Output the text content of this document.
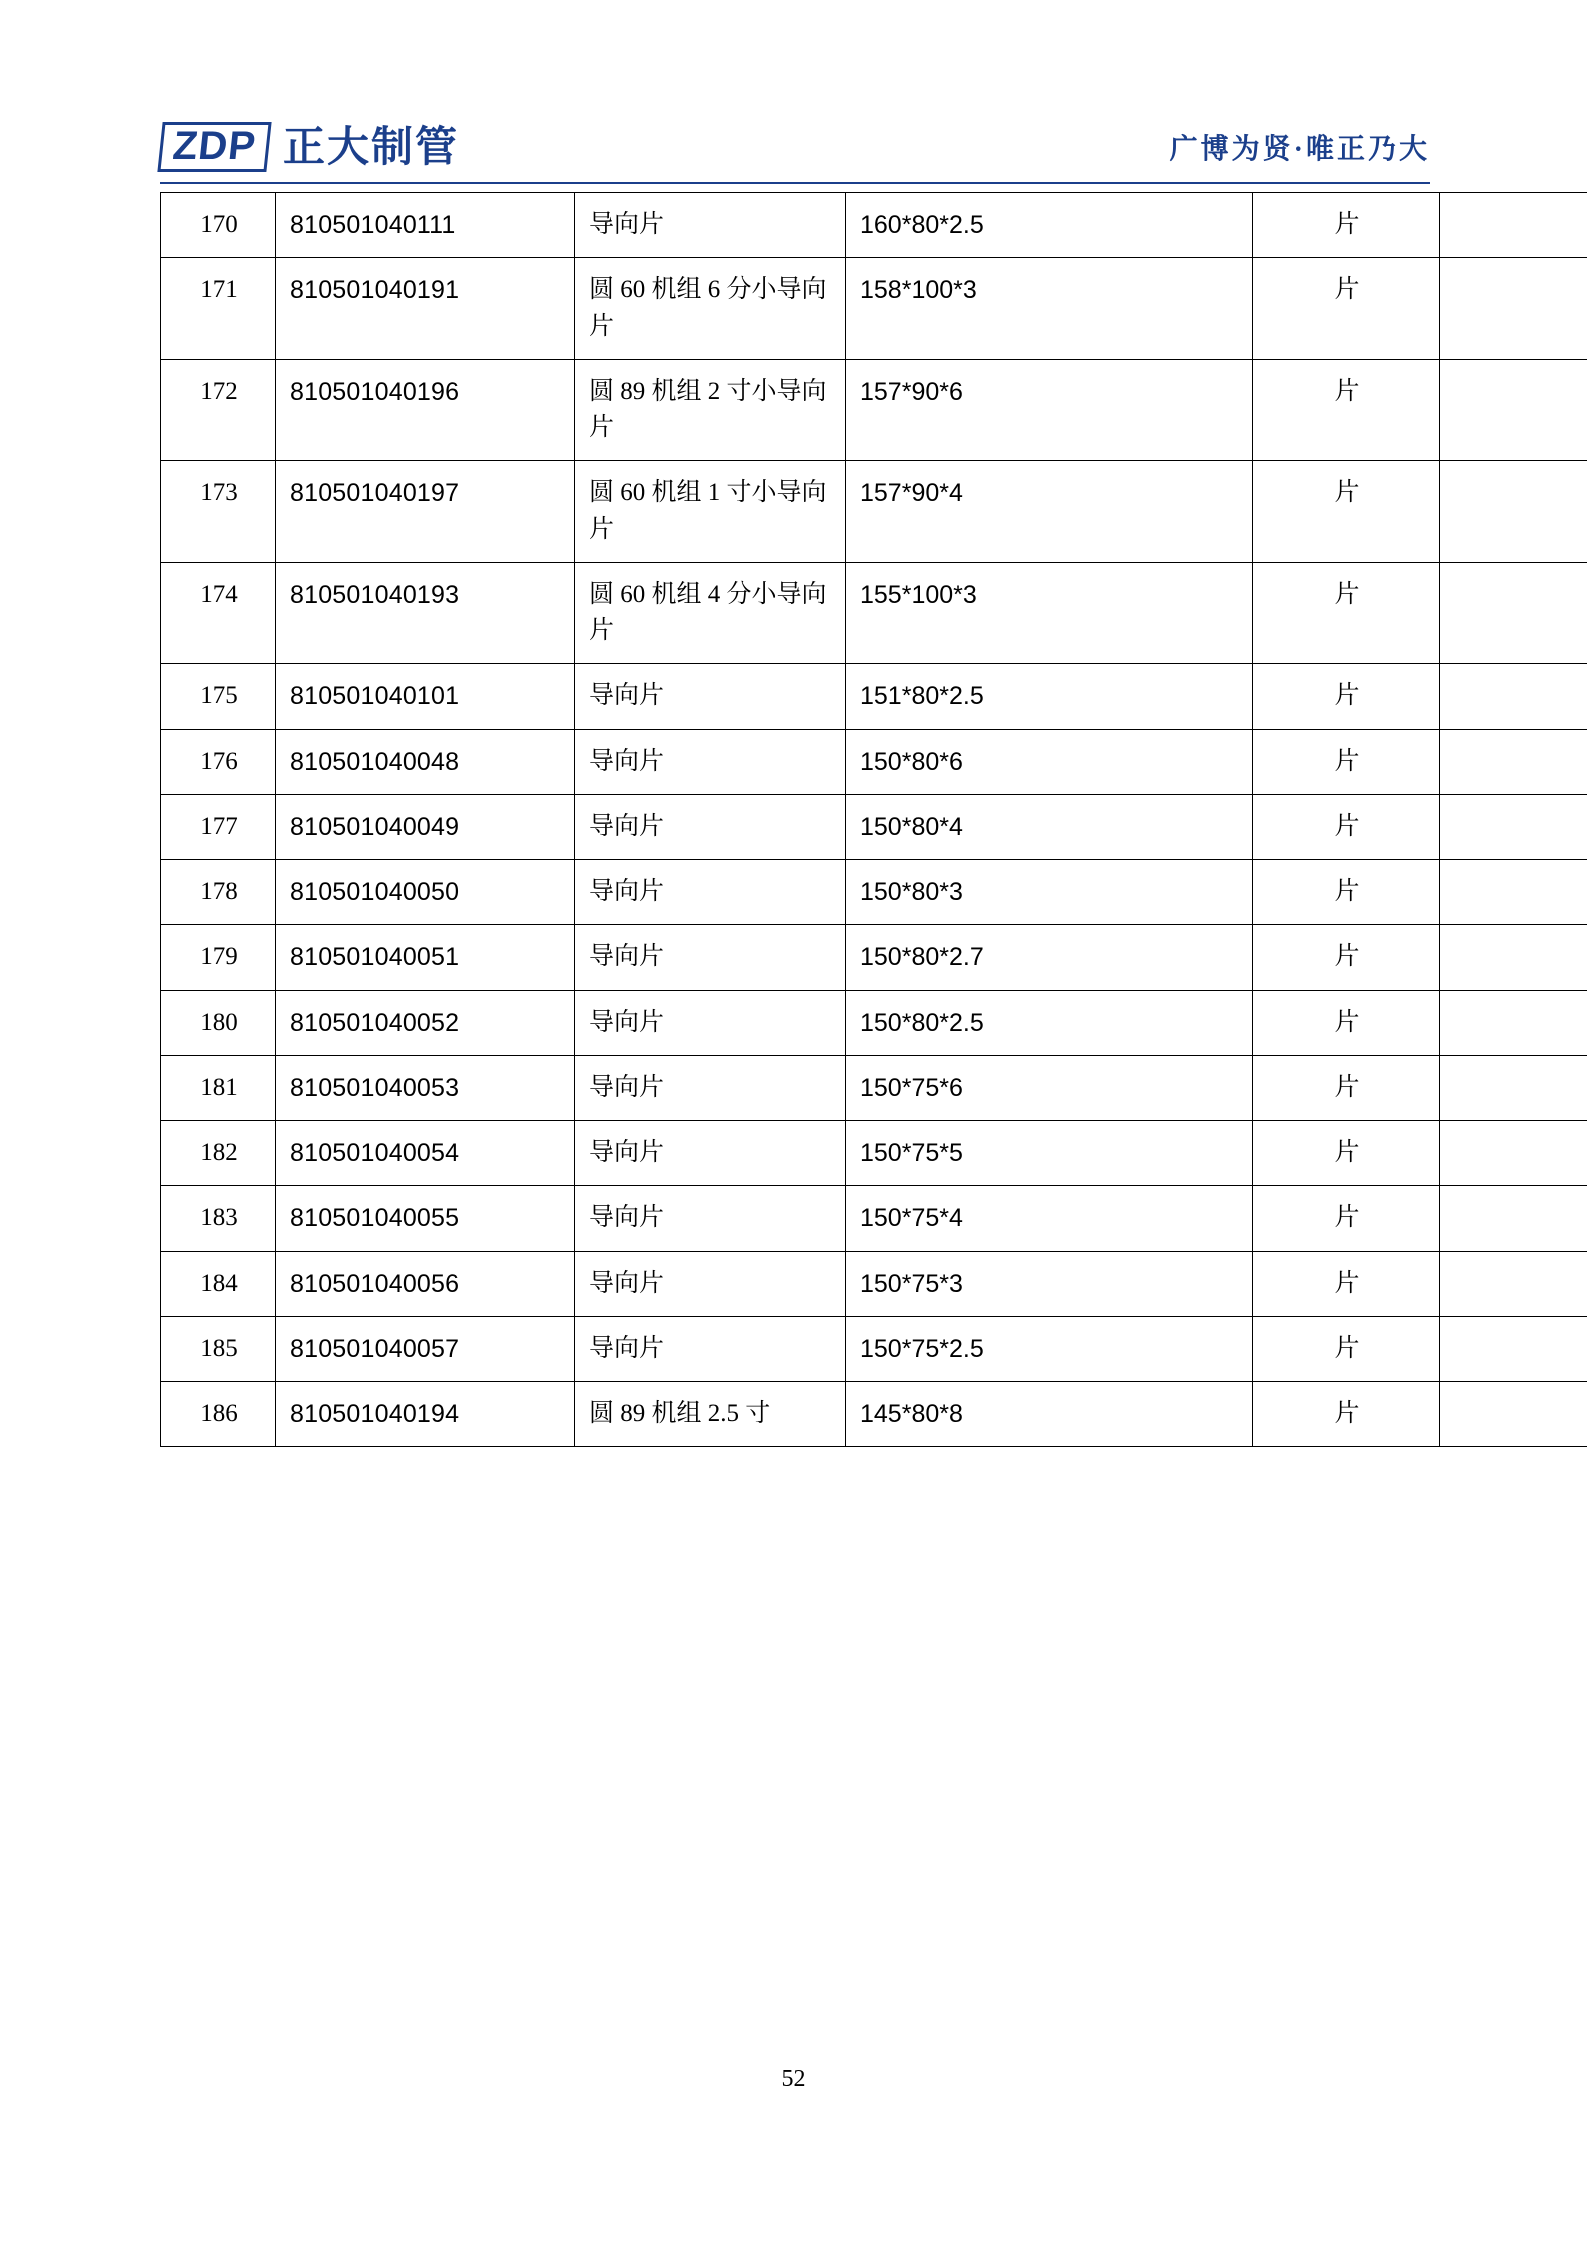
ZDP 正大制管	广博为贤·唯正乃大
170	810501040111	导向片	160*80*2.5	片	
171	810501040191	圆 60 机组 6 分小导向片	158*100*3	片	
172	810501040196	圆 89 机组 2 寸小导向片	157*90*6	片	
173	810501040197	圆 60 机组 1 寸小导向片	157*90*4	片	
174	810501040193	圆 60 机组 4 分小导向片	155*100*3	片	
175	810501040101	导向片	151*80*2.5	片	
176	810501040048	导向片	150*80*6	片	
177	810501040049	导向片	150*80*4	片	
178	810501040050	导向片	150*80*3	片	
179	810501040051	导向片	150*80*2.7	片	
180	810501040052	导向片	150*80*2.5	片	
181	810501040053	导向片	150*75*6	片	
182	810501040054	导向片	150*75*5	片	
183	810501040055	导向片	150*75*4	片	
184	810501040056	导向片	150*75*3	片	
185	810501040057	导向片	150*75*2.5	片	
186	810501040194	圆 89 机组 2.5 寸	145*80*8	片	
52
